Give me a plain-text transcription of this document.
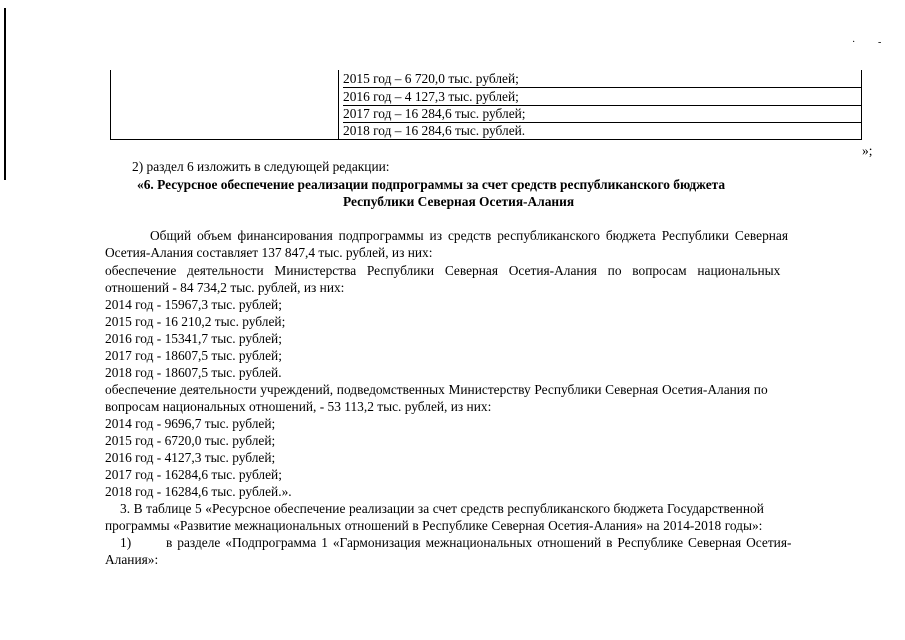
· -
2015 год – 6 720,0 тыс. рублей;
2016 год – 4 127,3 тыс. рублей;
2017 год – 16 284,6 тыс. рублей;
2018 год – 16 284,6 тыс. рублей.
»;
2) раздел 6 изложить в следующей редакции:
«6. Ресурсное обеспечение реализации подпрограммы за счет средств республиканского бюджета
Республики Северная Осетия-Алания
Общий объем финансирования подпрограммы из средств республиканского бюджета Республики Северная
Осетия-Алания составляет 137 847,4 тыс. рублей, из них:
обеспечение деятельности Министерства Республики Северная Осетия-Алания по вопросам национальных
отношений - 84 734,2 тыс. рублей, из них:
2014 год - 15967,3 тыс. рублей;
2015 год - 16 210,2 тыс. рублей;
2016 год - 15341,7 тыс. рублей;
2017 год - 18607,5 тыс. рублей;
2018 год - 18607,5 тыс. рублей.
обеспечение деятельности учреждений, подведомственных Министерству Республики Северная Осетия-Алания по
вопросам национальных отношений, - 53 113,2 тыс. рублей, из них:
2014 год - 9696,7 тыс. рублей;
2015 год - 6720,0 тыс. рублей;
2016 год - 4127,3 тыс. рублей;
2017 год - 16284,6 тыс. рублей;
2018 год - 16284,6 тыс. рублей.».
3. В таблице 5 «Ресурсное обеспечение реализации за счет средств республиканского бюджета Государственной
программы «Развитие межнациональных отношений в Республике Северная Осетия-Алания» на 2014-2018 годы»:
1)	в разделе «Подпрограмма 1 «Гармонизация межнациональных отношений в Республике Северная Осетия-
Алания»:
